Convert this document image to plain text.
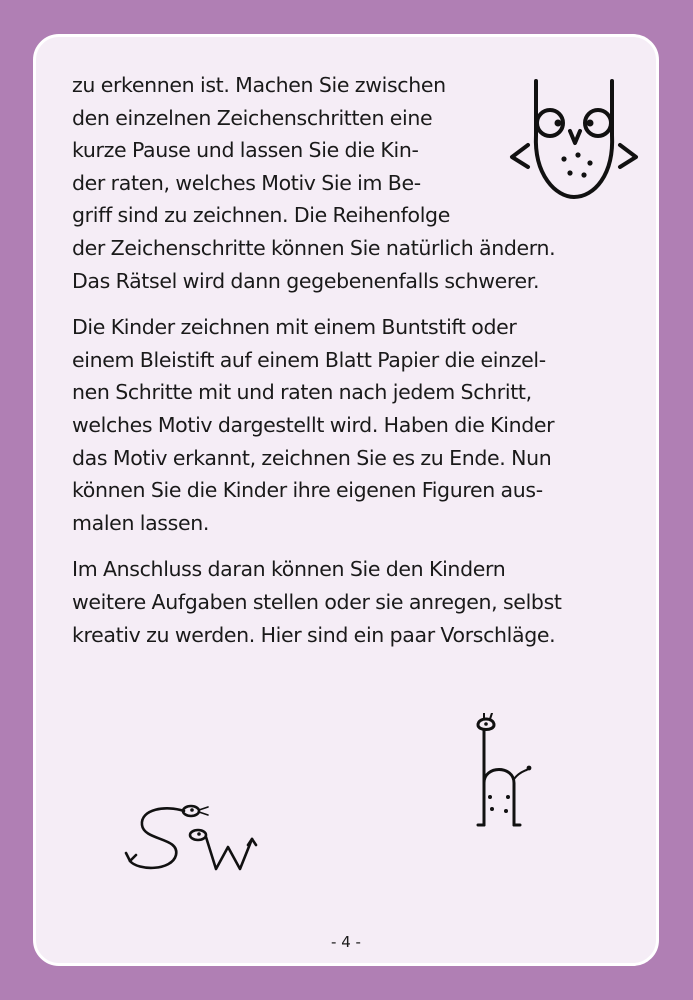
zu erkennen ist. Machen Sie zwischen
den einzelnen Zeichenschritten eine
kurze Pause und lassen Sie die Kin-
der raten, welches Motiv Sie im Be-
griff sind zu zeichnen. Die Reihenfolge
der Zeichenschritte können Sie natürlich ändern.
Das Rätsel wird dann gegebenenfalls schwerer.

Die Kinder zeichnen mit einem Buntstift oder
einem Bleistift auf einem Blatt Papier die einzel-
nen Schritte mit und raten nach jedem Schritt,
welches Motiv dargestellt wird. Haben die Kinder
das Motiv erkannt, zeichnen Sie es zu Ende. Nun
können Sie die Kinder ihre eigenen Figuren aus-
malen lassen.

Im Anschluss daran können Sie den Kindern
weitere Aufgaben stellen oder sie anregen, selbst
kreativ zu werden. Hier sind ein paar Vorschläge.

- 4 -
